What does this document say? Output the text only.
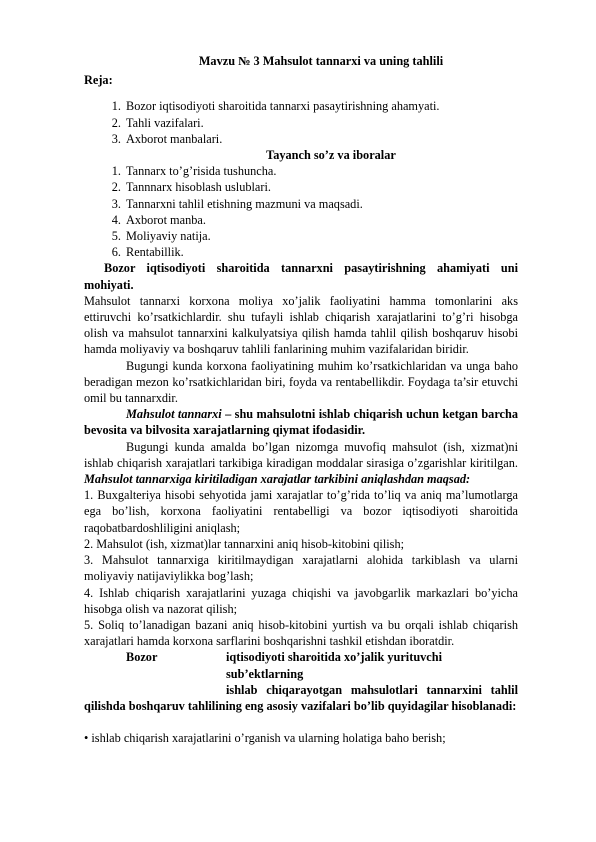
Mavzu № 3 Mahsulot tannarxi va uning tahlili
Reja:
1. Bozor iqtisodiyoti sharoitida tannarxi pasaytirishning ahamyati.
2. Tahli vazifalari.
3. Axborot manbalari.
Tayanch so’z va iboralar
1. Tannarx to’g’risida tushuncha.
2. Tannnarx hisoblash uslublari.
3. Tannarxni tahlil etishning mazmuni va maqsadi.
4. Axborot manba.
5. Moliyaviy natija.
6. Rentabillik.

Bozor iqtisodiyoti sharoitida tannarxni pasaytirishning ahamiyati uni mohiyati.

Mahsulot tannarxi korxona moliya xo’jalik faoliyatini hamma tomonlarini aks ettiruvchi ko’rsatkichlardir. shu tufayli ishlab chiqarish xarajatlarini to’g’ri hisobga olish va mahsulot tannarxini kalkulyatsiya qilish hamda tahlil qilish boshqaruv hisobi hamda moliyaviy va boshqaruv tahlili fanlarining muhim vazifalaridan biridir.

Bugungi kunda korxona faoliyatining muhim ko’rsatkichlaridan va unga baho beradigan mezon ko’rsatkichlaridan biri, foyda va rentabellikdir. Foydaga ta’sir etuvchi omil bu tannarxdir.

Mahsulot tannarxi – shu mahsulotni ishlab chiqarish uchun ketgan barcha bevosita va bilvosita xarajatlarning qiymat ifodasidir.

Bugungi kunda amalda bo’lgan nizomga muvofiq mahsulot (ish, xizmat)ni ishlab chiqarish xarajatlari tarkibiga kiradigan moddalar sirasiga o’zgarishlar kiritilgan. Mahsulot tannarxiga kiritiladigan xarajatlar tarkibini aniqlashdan maqsad:

1. Buxgalteriya hisobi sehyotida jami xarajatlar to’g’rida to’liq va aniq ma’lumotlarga ega bo’lish, korxona faoliyatini rentabelligi va bozor iqtisodiyoti sharoitida raqobatbardoshliligini aniqlash;

2. Mahsulot (ish, xizmat)lar tannarxini aniq hisob-kitobini qilish;

3. Mahsulot tannarxiga kiritilmaydigan xarajatlarni alohida tarkiblash va ularni moliyaviy natijaviylikka bog’lash;

4. Ishlab chiqarish xarajatlarini yuzaga chiqishi va javobgarlik markazlari bo’yicha hisobga olish va nazorat qilish;

5. Soliq to’lanadigan bazani aniq hisob-kitobini yurtish va bu orqali ishlab chiqarish xarajatlari hamda korxona sarflarini boshqarishni tashkil etishdan iboratdir.

Bozor	iqtisodiyoti sharoitida xo’jalik yurituvchi sub’ektlarning

ishlab chiqarayotgan mahsulotlari tannarxini tahlil qilishda boshqaruv tahlilining eng asosiy vazifalari bo’lib quyidagilar hisoblanadi:

• ishlab chiqarish xarajatlarini o’rganish va ularning holatiga baho berish;
